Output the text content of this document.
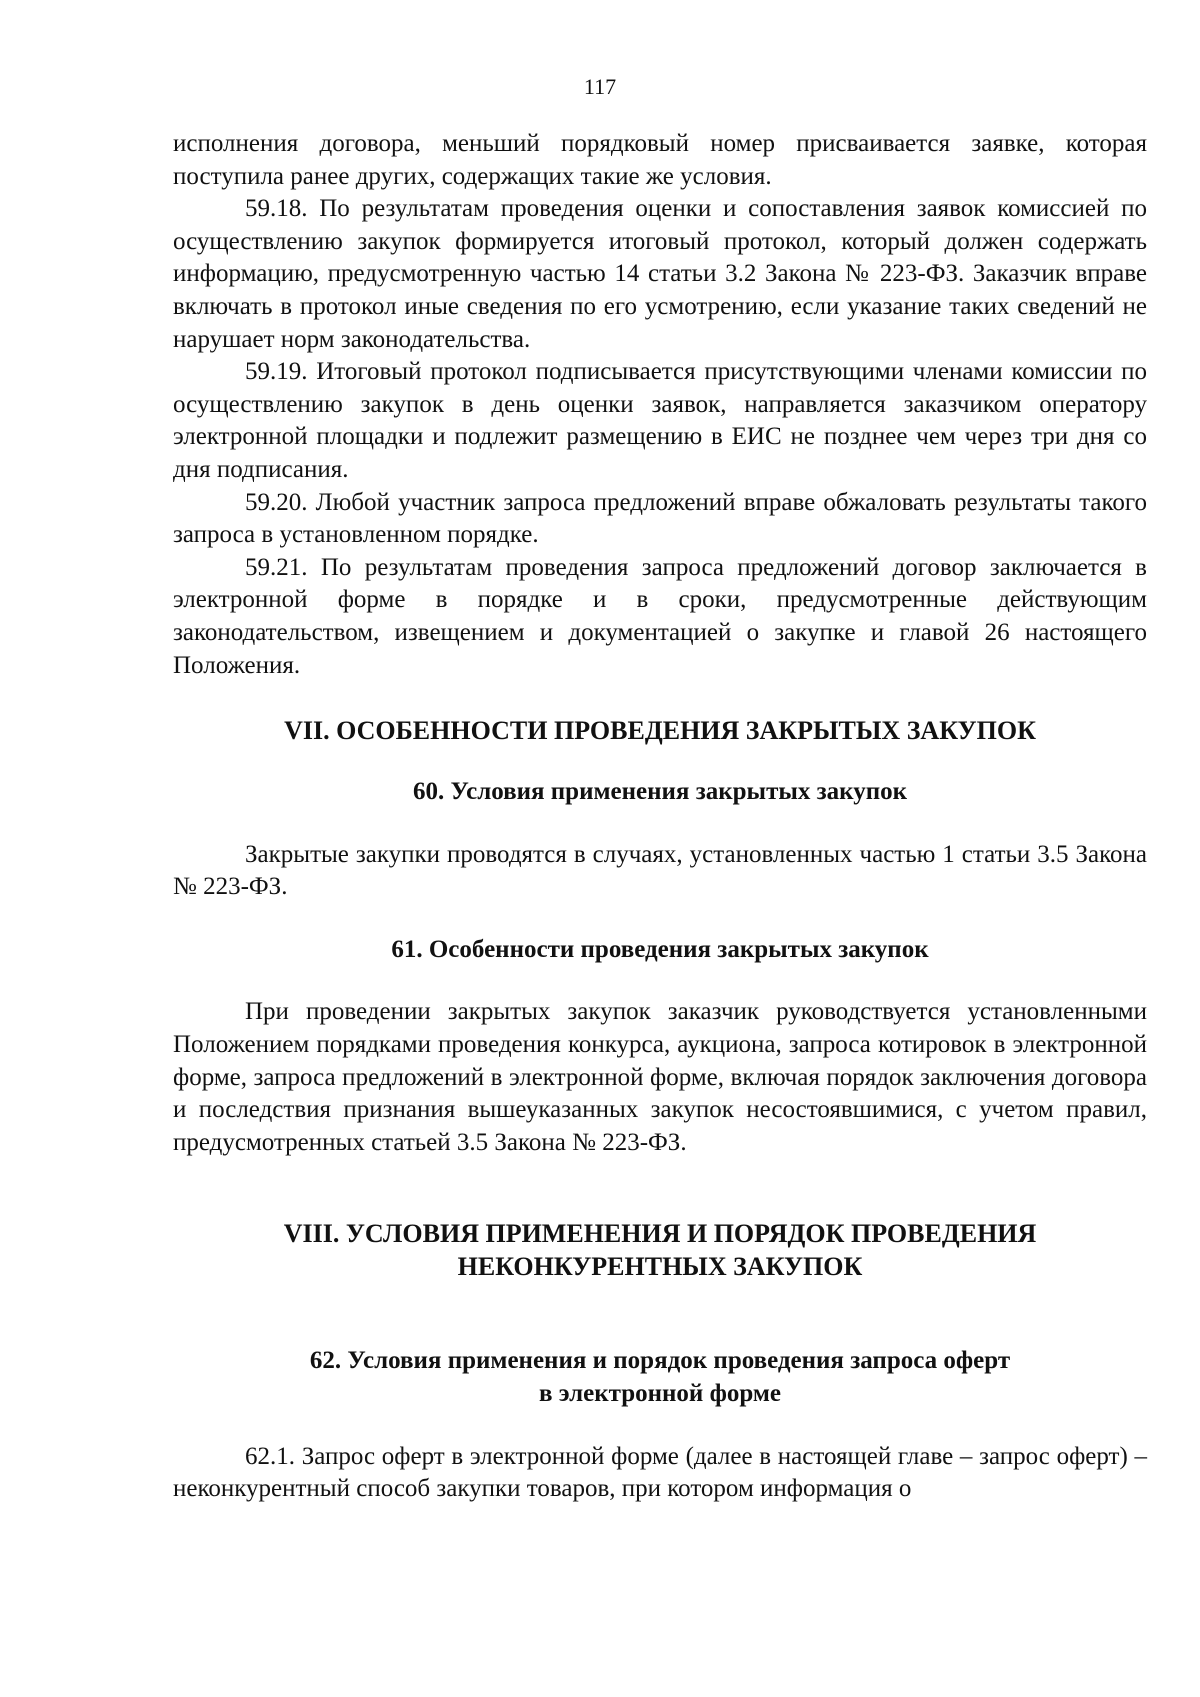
117

исполнения договора, меньший порядковый номер присваивается заявке, которая поступила ранее других, содержащих такие же условия.

59.18. По результатам проведения оценки и сопоставления заявок комиссией по осуществлению закупок формируется итоговый протокол, который должен содержать информацию, предусмотренную частью 14 статьи 3.2 Закона № 223-ФЗ. Заказчик вправе включать в протокол иные сведения по его усмотрению, если указание таких сведений не нарушает норм законодательства.

59.19. Итоговый протокол подписывается присутствующими членами комиссии по осуществлению закупок в день оценки заявок, направляется заказчиком оператору электронной площадки и подлежит размещению в ЕИС не позднее чем через три дня со дня подписания.

59.20. Любой участник запроса предложений вправе обжаловать результаты такого запроса в установленном порядке.

59.21. По результатам проведения запроса предложений договор заключается в электронной форме в порядке и в сроки, предусмотренные действующим законодательством, извещением и документацией о закупке и главой 26 настоящего Положения.

VII. ОСОБЕННОСТИ ПРОВЕДЕНИЯ ЗАКРЫТЫХ ЗАКУПОК
60. Условия применения закрытых закупок

Закрытые закупки проводятся в случаях, установленных частью 1 статьи 3.5 Закона № 223-ФЗ.

61. Особенности проведения закрытых закупок

При проведении закрытых закупок заказчик руководствуется установленными Положением порядками проведения конкурса, аукциона, запроса котировок в электронной форме, запроса предложений в электронной форме, включая порядок заключения договора и последствия признания вышеуказанных закупок несостоявшимися, с учетом правил, предусмотренных статьей 3.5 Закона № 223-ФЗ.

VIII. УСЛОВИЯ ПРИМЕНЕНИЯ И ПОРЯДОК ПРОВЕДЕНИЯ
НЕКОНКУРЕНТНЫХ ЗАКУПОК
62. Условия применения и порядок проведения запроса оферт
в электронной форме

62.1. Запрос оферт в электронной форме (далее в настоящей главе – запрос оферт) – неконкурентный способ закупки товаров, при котором информация о
